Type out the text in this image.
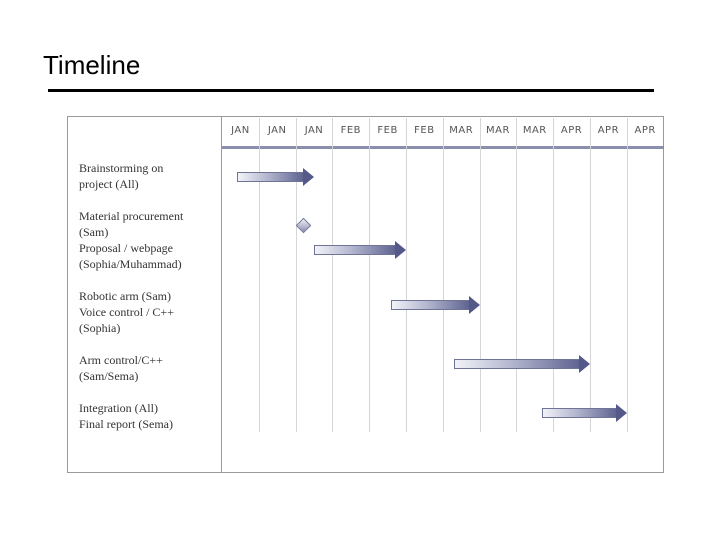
Timeline
JAN	JAN	JAN	FEB	FEB	FEB	MAR	MAR	MAR	APR	APR	APR
Brainstorming on
project (All)
Material procurement
(Sam)
Proposal / webpage
(Sophia/Muhammad)
Robotic arm (Sam)
Voice control / C++
(Sophia)
Arm control/C++
(Sam/Sema)
Integration (All)
Final report (Sema)
